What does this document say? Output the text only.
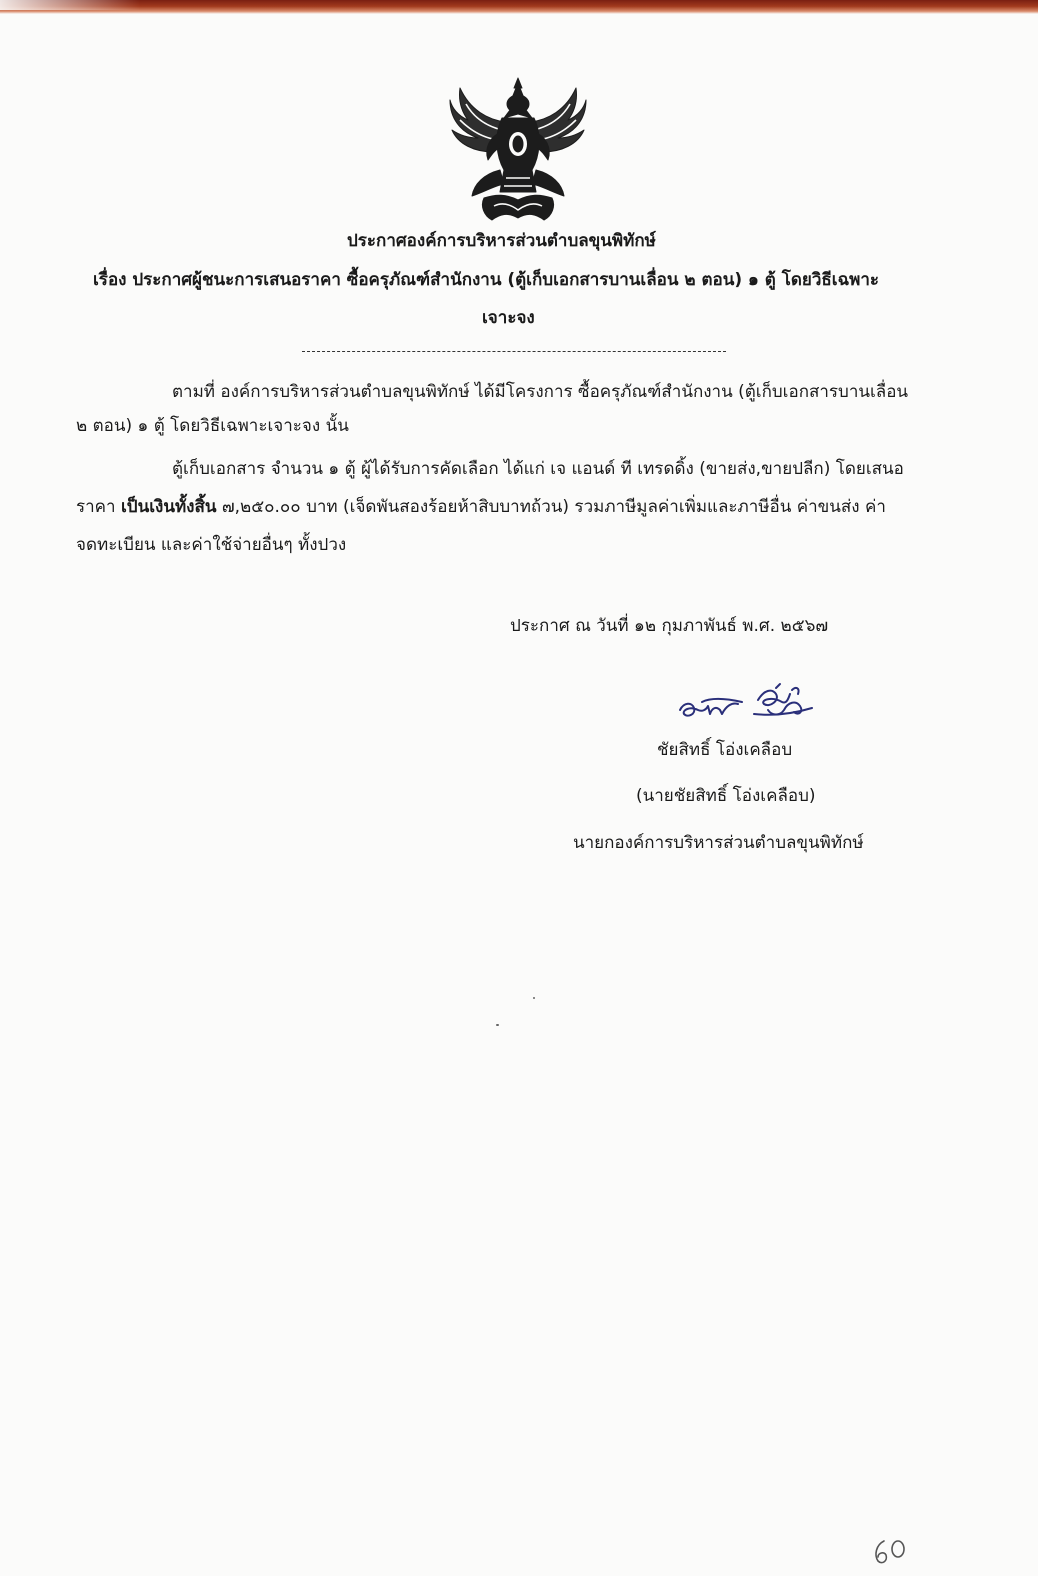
ประกาศองค์การบริหารส่วนตำบลขุนพิทักษ์
เรื่อง ประกาศผู้ชนะการเสนอราคา ซื้อครุภัณฑ์สำนักงาน (ตู้เก็บเอกสารบานเลื่อน ๒ ตอน) ๑ ตู้ โดยวิธีเฉพาะ
เจาะจง
ตามที่ องค์การบริหารส่วนตำบลขุนพิทักษ์ ได้มีโครงการ ซื้อครุภัณฑ์สำนักงาน (ตู้เก็บเอกสารบานเลื่อน
๒ ตอน) ๑ ตู้ โดยวิธีเฉพาะเจาะจง นั้น
ตู้เก็บเอกสาร จำนวน ๑ ตู้ ผู้ได้รับการคัดเลือก ได้แก่ เจ แอนด์ ที เทรดดิ้ง (ขายส่ง,ขายปลีก) โดยเสนอ
ราคา เป็นเงินทั้งสิ้น ๗,๒๕๐.๐๐ บาท (เจ็ดพันสองร้อยห้าสิบบาทถ้วน) รวมภาษีมูลค่าเพิ่มและภาษีอื่น ค่าขนส่ง ค่า
จดทะเบียน และค่าใช้จ่ายอื่นๆ ทั้งปวง
ประกาศ ณ วันที่ ๑๒ กุมภาพันธ์ พ.ศ. ๒๕๖๗
ชัยสิทธิ์ โอ่งเคลือบ
(นายชัยสิทธิ์ โอ่งเคลือบ)
นายกองค์การบริหารส่วนตำบลขุนพิทักษ์
